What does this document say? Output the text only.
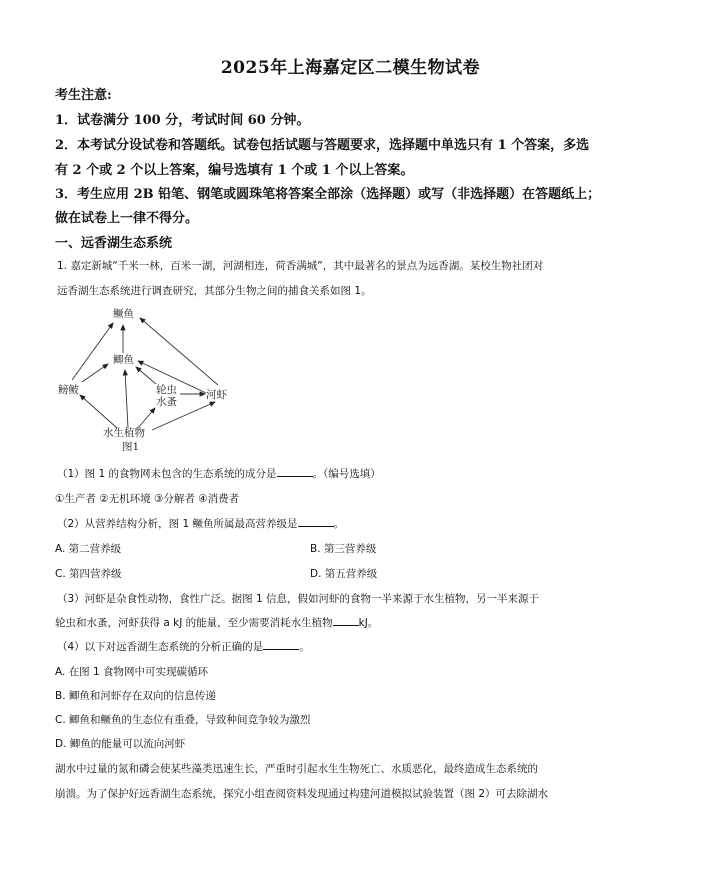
2025年上海嘉定区二模生物试卷
考生注意:
1．试卷满分 100 分，考试时间 60 分钟。
2．本考试分设试卷和答题纸。试卷包括试题与答题要求，选择题中单选只有 1 个答案，多选
有 2 个或 2 个以上答案，编号选填有 1 个或 1 个以上答案。
3．考生应用 2B 铅笔、钢笔或圆珠笔将答案全部涂（选择题）或写（非选择题）在答题纸上；
做在试卷上一律不得分。
一、远香湖生态系统
1. 嘉定新城“千米一林，百米一湖，河湖相连，荷香满城”，其中最著名的景点为远香湖。某校生物社团对
远香湖生态系统进行调查研究，其部分生物之间的捕食关系如图 1。
鳜鱼
鲫鱼
鳑鲏	轮虫
水蚤
河虾
水生植物
图1
（1）图 1 的食物网未包含的生态系统的成分是	。（编号选填）
①生产者 ②无机环境 ③分解者 ④消费者
（2）从营养结构分析，图 1 鳜鱼所属最高营养级是	。
A. 第二营养级	B. 第三营养级
C. 第四营养级	D. 第五营养级
（3）河虾是杂食性动物，食性广泛。据图 1 信息，假如河虾的食物一半来源于水生植物，另一半来源于
轮虫和水蚤，河虾获得 a kJ 的能量，至少需要消耗水生植物 kJ。
（4）以下对远香湖生态系统的分析正确的是	。
A. 在图 1 食物网中可实现碳循环
B. 鲫鱼和河虾存在双向的信息传递
C. 鲫鱼和鳜鱼的生态位有重叠，导致种间竞争较为激烈
D. 鲫鱼的能量可以流向河虾
湖水中过量的氮和磷会使某些藻类迅速生长，严重时引起水生生物死亡、水质恶化，最终造成生态系统的
崩溃。为了保护好远香湖生态系统，探究小组查阅资料发现通过构建河道模拟试验装置（图 2）可去除湖水
